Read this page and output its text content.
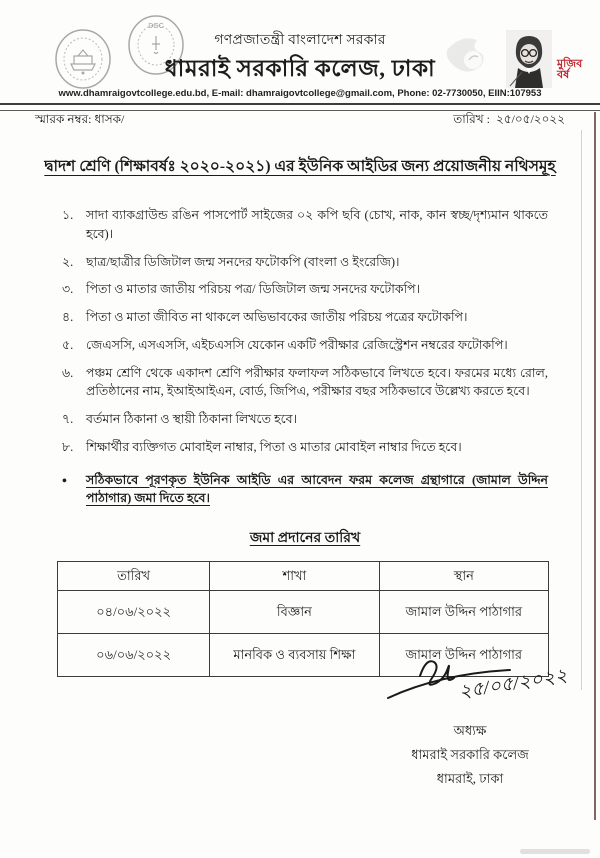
DGC
মুজিব
বর্ষ
গণপ্রজাতন্ত্রী বাংলাদেশ সরকার
ধামরাই সরকারি কলেজ, ঢাকা
www.dhamraigovtcollege.edu.bd, E-mail: dhamraigovtcollege@gmail.com, Phone: 02-7730050, EIIN:107953
স্মারক নম্বর: ধাসক/	তারিখ : ২৫/০৫/২০২২
দ্বাদশ শ্রেণি (শিক্ষাবর্ষঃ ২০২০-২০২১) এর ইউনিক আইডির জন্য প্রয়োজনীয় নথিসমূহ
১.	সাদা ব্যাকগ্রাউন্ড রঙিন পাসপোর্ট সাইজের ০২ কপি ছবি (চোখ, নাক, কান স্বচ্ছ/দৃশ্যমান থাকতে হবে)।
২.	ছাত্র/ছাত্রীর ডিজিটাল জন্ম সনদের ফটোকপি (বাংলা ও ইংরেজি)।
৩.	পিতা ও মাতার জাতীয় পরিচয় পত্র/ ডিজিটাল জন্ম সনদের ফটোকপি।
৪.	পিতা ও মাতা জীবিত না থাকলে অভিভাবকের জাতীয় পরিচয় পত্রের ফটোকপি।
৫.	জেএসসি, এসএসসি, এইচএসসি যেকোন একটি পরীক্ষার রেজিস্ট্রেশন নম্বরের ফটোকপি।
৬.	পঞ্চম শ্রেণি থেকে একাদশ শ্রেণি পরীক্ষার ফলাফল সঠিকভাবে লিখতে হবে। ফরমের মধ্যে রোল, প্রতিষ্ঠানের নাম, ইআইআইএন, বোর্ড, জিপিএ, পরীক্ষার বছর সঠিকভাবে উল্লেখ্য করতে হবে।
৭.	বর্তমান ঠিকানা ও স্থায়ী ঠিকানা লিখতে হবে।
৮.	শিক্ষার্থীর ব্যক্তিগত মোবাইল নাম্বার, পিতা ও মাতার মোবাইল নাম্বার দিতে হবে।
•	সঠিকভাবে পূরণকৃত ইউনিক আইডি এর আবেদন ফরম কলেজ গ্রন্থাগারে (জামাল উদ্দিন পাঠাগার) জমা দিতে হবে।
জমা প্রদানের তারিখ
তারিখ	শাখা	স্থান
০৪/০৬/২০২২	বিজ্ঞান	জামাল উদ্দিন পাঠাগার
০৬/০৬/২০২২	মানবিক ও ব্যবসায় শিক্ষা	জামাল উদ্দিন পাঠাগার
২৫/০৫/২০২২
অধ্যক্ষ
ধামরাই সরকারি কলেজ
ধামরাই, ঢাকা
